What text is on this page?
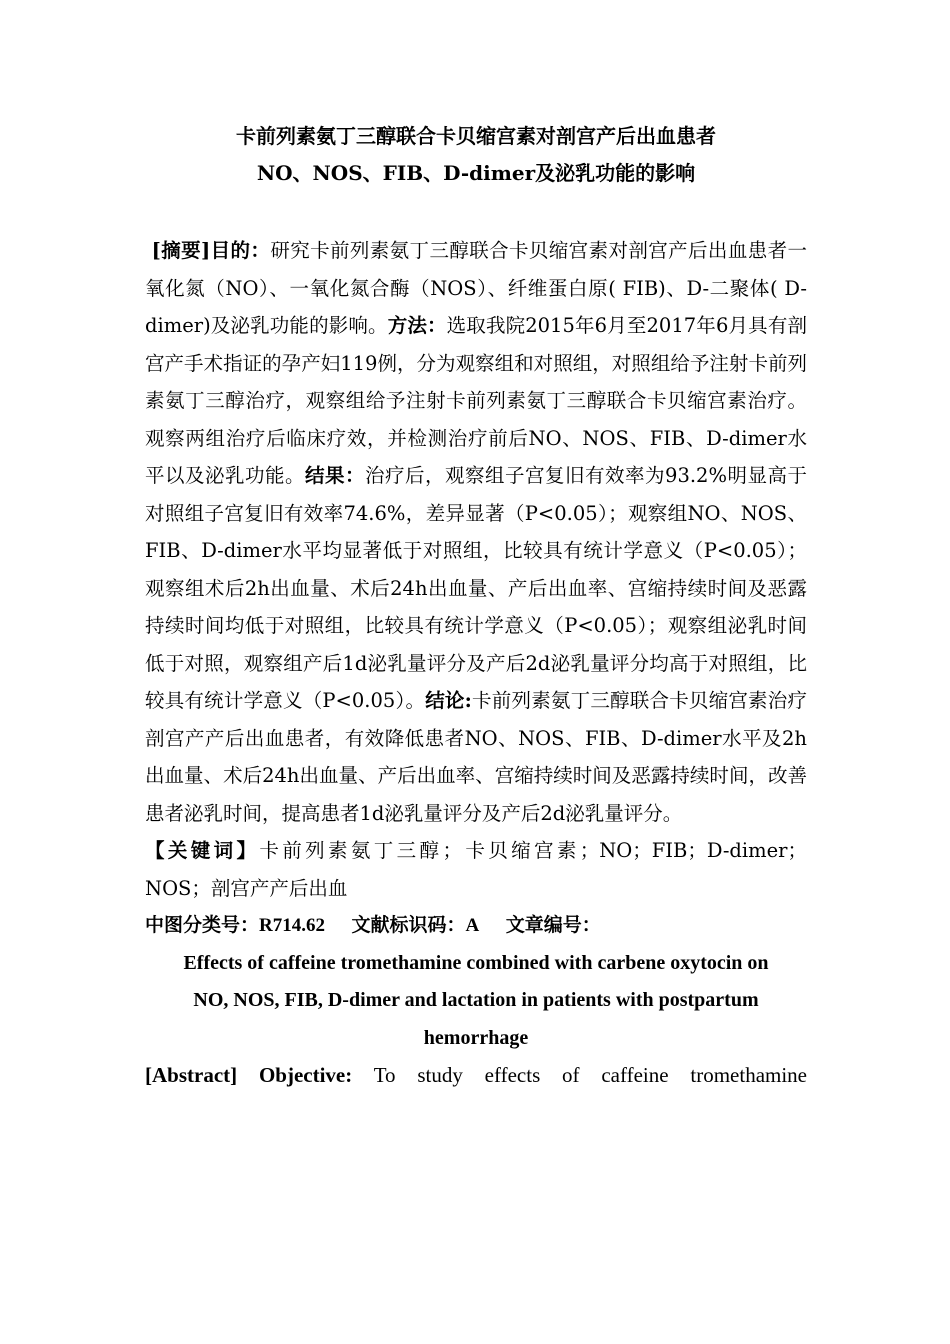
卡前列素氨丁三醇联合卡贝缩宫素对剖宫产后出血患者
NO、NOS、FIB、D-dimer及泌乳功能的影响

[摘要]目的：研究卡前列素氨丁三醇联合卡贝缩宫素对剖宫产后出血患者一氧化氮（NO）、一氧化氮合酶（NOS）、纤维蛋白原( FIB)、D-二聚体( D-dimer)及泌乳功能的影响。方法：选取我院2015年6月至2017年6月具有剖宫产手术指证的孕产妇119例，分为观察组和对照组，对照组给予注射卡前列素氨丁三醇治疗，观察组给予注射卡前列素氨丁三醇联合卡贝缩宫素治疗。观察两组治疗后临床疗效，并检测治疗前后NO、NOS、FIB、D-dimer水平以及泌乳功能。结果：治疗后，观察组子宫复旧有效率为93.2%明显高于对照组子宫复旧有效率74.6%，差异显著（P<0.05）；观察组NO、NOS、FIB、D-dimer水平均显著低于对照组，比较具有统计学意义（P<0.05）；观察组术后2h出血量、术后24h出血量、产后出血率、宫缩持续时间及恶露持续时间均低于对照组，比较具有统计学意义（P<0.05）；观察组泌乳时间低于对照，观察组产后1d泌乳量评分及产后2d泌乳量评分均高于对照组，比较具有统计学意义（P<0.05）。结论:卡前列素氨丁三醇联合卡贝缩宫素治疗剖宫产产后出血患者，有效降低患者NO、NOS、FIB、D-dimer水平及2h出血量、术后24h出血量、产后出血率、宫缩持续时间及恶露持续时间，改善患者泌乳时间，提高患者1d泌乳量评分及产后2d泌乳量评分。

【关键词】卡前列素氨丁三醇；卡贝缩宫素；NO；FIB；D-dimer；NOS；剖宫产产后出血

中图分类号：R714.62 文献标识码：A 文章编号：

Effects of caffeine tromethamine combined with carbene oxytocin on
NO, NOS, FIB, D-dimer and lactation in patients with postpartum
hemorrhage

[Abstract] Objective: To study effects of caffeine tromethamine
